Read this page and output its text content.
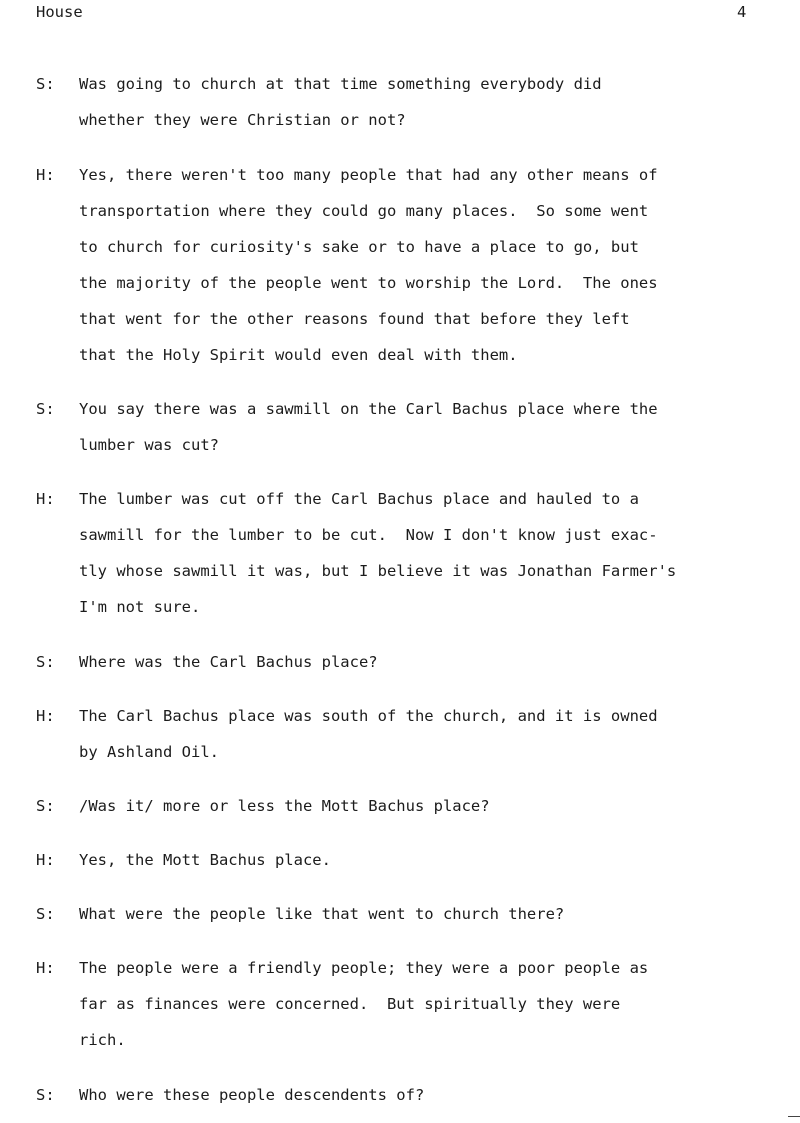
House	4
S: Was going to church at that time something everybody did
whether they were Christian or not?
H: Yes, there weren't too many people that had any other means of
transportation where they could go many places.  So some went
to church for curiosity's sake or to have a place to go, but
the majority of the people went to worship the Lord.  The ones
that went for the other reasons found that before they left
that the Holy Spirit would even deal with them.
S: You say there was a sawmill on the Carl Bachus place where the
lumber was cut?
H: The lumber was cut off the Carl Bachus place and hauled to a
sawmill for the lumber to be cut.  Now I don't know just exac-
tly whose sawmill it was, but I believe it was Jonathan Farmer's
I'm not sure.
S: Where was the Carl Bachus place?
H: The Carl Bachus place was south of the church, and it is owned
by Ashland Oil.
S: /Was it/ more or less the Mott Bachus place?
H: Yes, the Mott Bachus place.
S: What were the people like that went to church there?
H: The people were a friendly people; they were a poor people as
far as finances were concerned.  But spiritually they were
rich.
S: Who were these people descendents of?
